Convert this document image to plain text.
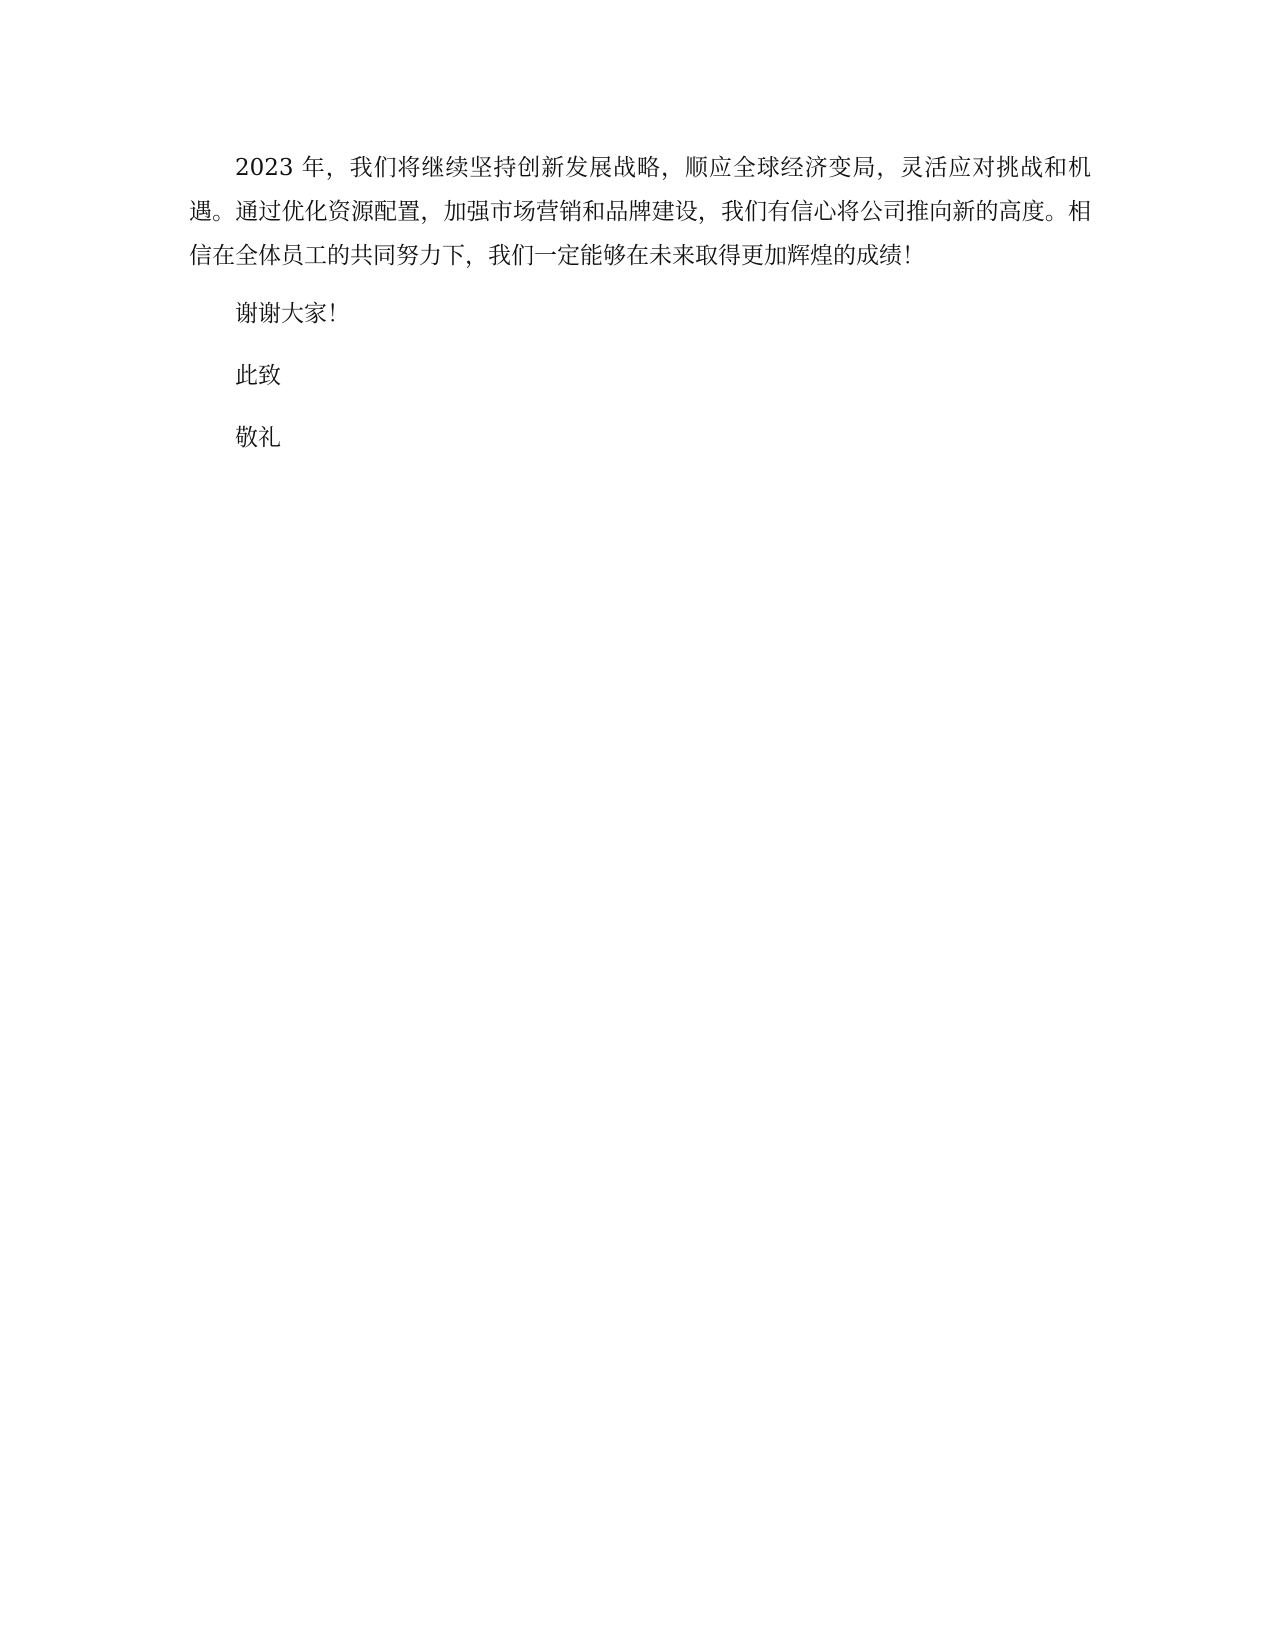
2023 年，我们将继续坚持创新发展战略，顺应全球经济变局，灵活应对挑战和机遇。通过优化资源配置，加强市场营销和品牌建设，我们有信心将公司推向新的高度。相信在全体员工的共同努力下，我们一定能够在未来取得更加辉煌的成绩！

谢谢大家！

此致

敬礼
